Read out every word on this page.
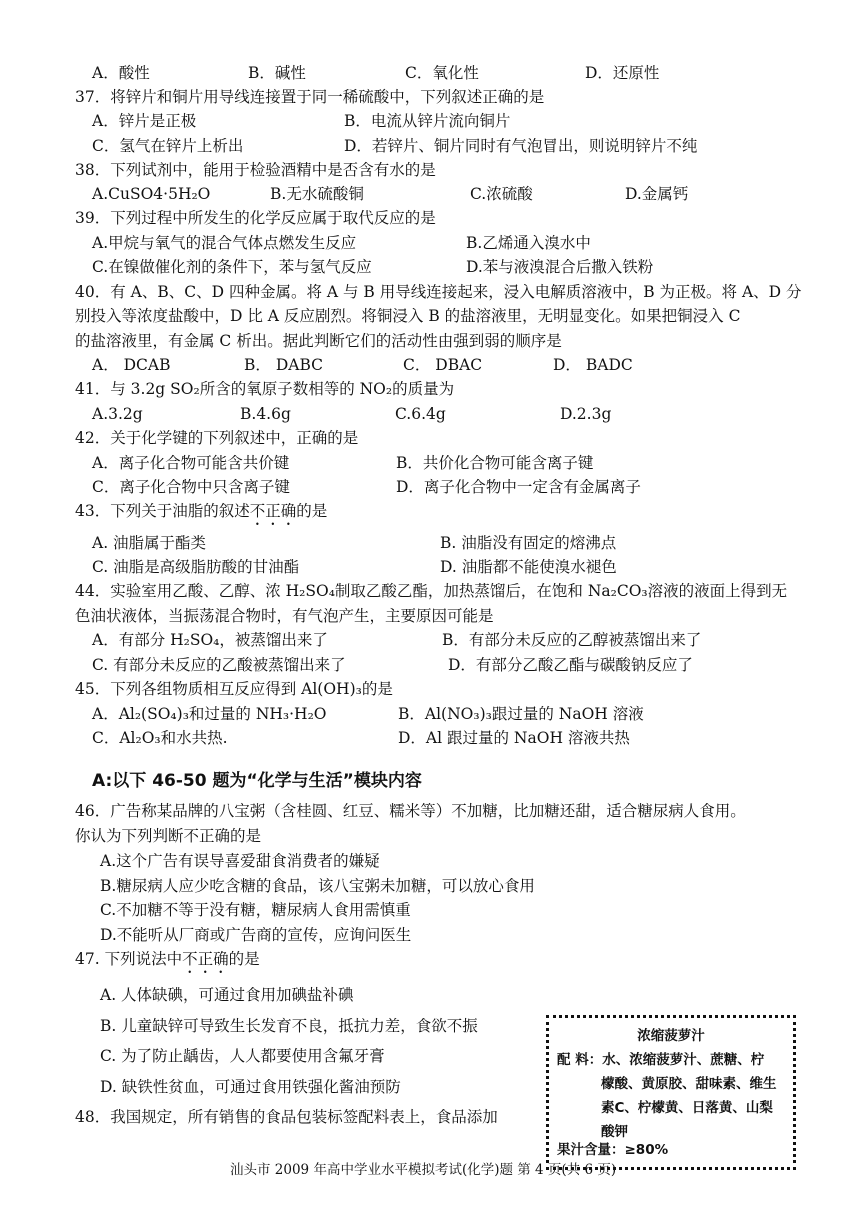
A．酸性	B．碱性	C．氧化性	D．还原性
37．将锌片和铜片用导线连接置于同一稀硫酸中，下列叙述正确的是
A．锌片是正极	B．电流从锌片流向铜片
C．氢气在锌片上析出	D．若锌片、铜片同时有气泡冒出，则说明锌片不纯
38．下列试剂中，能用于检验酒精中是否含有水的是
A.CuSO4·5H₂O	B.无水硫酸铜	C.浓硫酸	D.金属钙
39．下列过程中所发生的化学反应属于取代反应的是
A.甲烷与氧气的混合气体点燃发生反应	B.乙烯通入溴水中
C.在镍做催化剂的条件下，苯与氢气反应	D.苯与液溴混合后撒入铁粉
40．有 A、B、C、D 四种金属。将 A 与 B 用导线连接起来，浸入电解质溶液中，B 为正极。将 A、D 分
别投入等浓度盐酸中，D 比 A 反应剧烈。将铜浸入 B 的盐溶液里，无明显变化。如果把铜浸入 C
的盐溶液里，有金属 C 析出。据此判断它们的活动性由强到弱的顺序是
A． DCAB	B． DABC	C． DBAC	D． BADC
41．与 3.2g SO₂所含的氧原子数相等的 NO₂的质量为
A.3.2g	B.4.6g	C.6.4g	D.2.3g
42．关于化学键的下列叙述中，正确的是
A．离子化合物可能含共价键	B．共价化合物可能含离子键
C．离子化合物中只含离子键	D．离子化合物中一定含有金属离子
43．下列关于油脂的叙述不正确的是
A. 油脂属于酯类	B. 油脂没有固定的熔沸点
C. 油脂是高级脂肪酸的甘油酯	D. 油脂都不能使溴水褪色
44．实验室用乙酸、乙醇、浓 H₂SO₄制取乙酸乙酯，加热蒸馏后，在饱和 Na₂CO₃溶液的液面上得到无
色油状液体，当振荡混合物时，有气泡产生，主要原因可能是
A．有部分 H₂SO₄，被蒸馏出来了	B．有部分未反应的乙醇被蒸馏出来了
C. 有部分未反应的乙酸被蒸馏出来了	D．有部分乙酸乙酯与碳酸钠反应了
45．下列各组物质相互反应得到 Al(OH)₃的是
A．Al₂(SO₄)₃和过量的 NH₃·H₂O	B．Al(NO₃)₃跟过量的 NaOH 溶液
C．Al₂O₃和水共热.	D．Al 跟过量的 NaOH 溶液共热
46．广告称某品牌的八宝粥（含桂圆、红豆、糯米等）不加糖，比加糖还甜，适合糖尿病人食用。
你认为下列判断不正确的是
A.这个广告有误导喜爱甜食消费者的嫌疑
B.糖尿病人应少吃含糖的食品，该八宝粥未加糖，可以放心食用
C.不加糖不等于没有糖，糖尿病人食用需慎重
D.不能听从厂商或广告商的宣传，应询问医生
47. 下列说法中不正确的是
A. 人体缺碘，可通过食用加碘盐补碘
B. 儿童缺锌可导致生长发育不良，抵抗力差，食欲不振
C. 为了防止龋齿，人人都要使用含氟牙膏
D. 缺铁性贫血，可通过食用铁强化酱油预防
48．我国规定，所有销售的食品包装标签配料表上，食品添加
A:以下 46-50 题为“化学与生活”模块内容
浓缩菠萝汁
配 料：水、浓缩菠萝汁、蔗糖、柠
檬酸、黄原胶、甜味素、维生
素C、柠檬黄、日落黄、山梨
酸钾
果汁含量：≥80%
汕头市 2009 年高中学业水平模拟考试(化学)题 第 4 页(共 6 页)
